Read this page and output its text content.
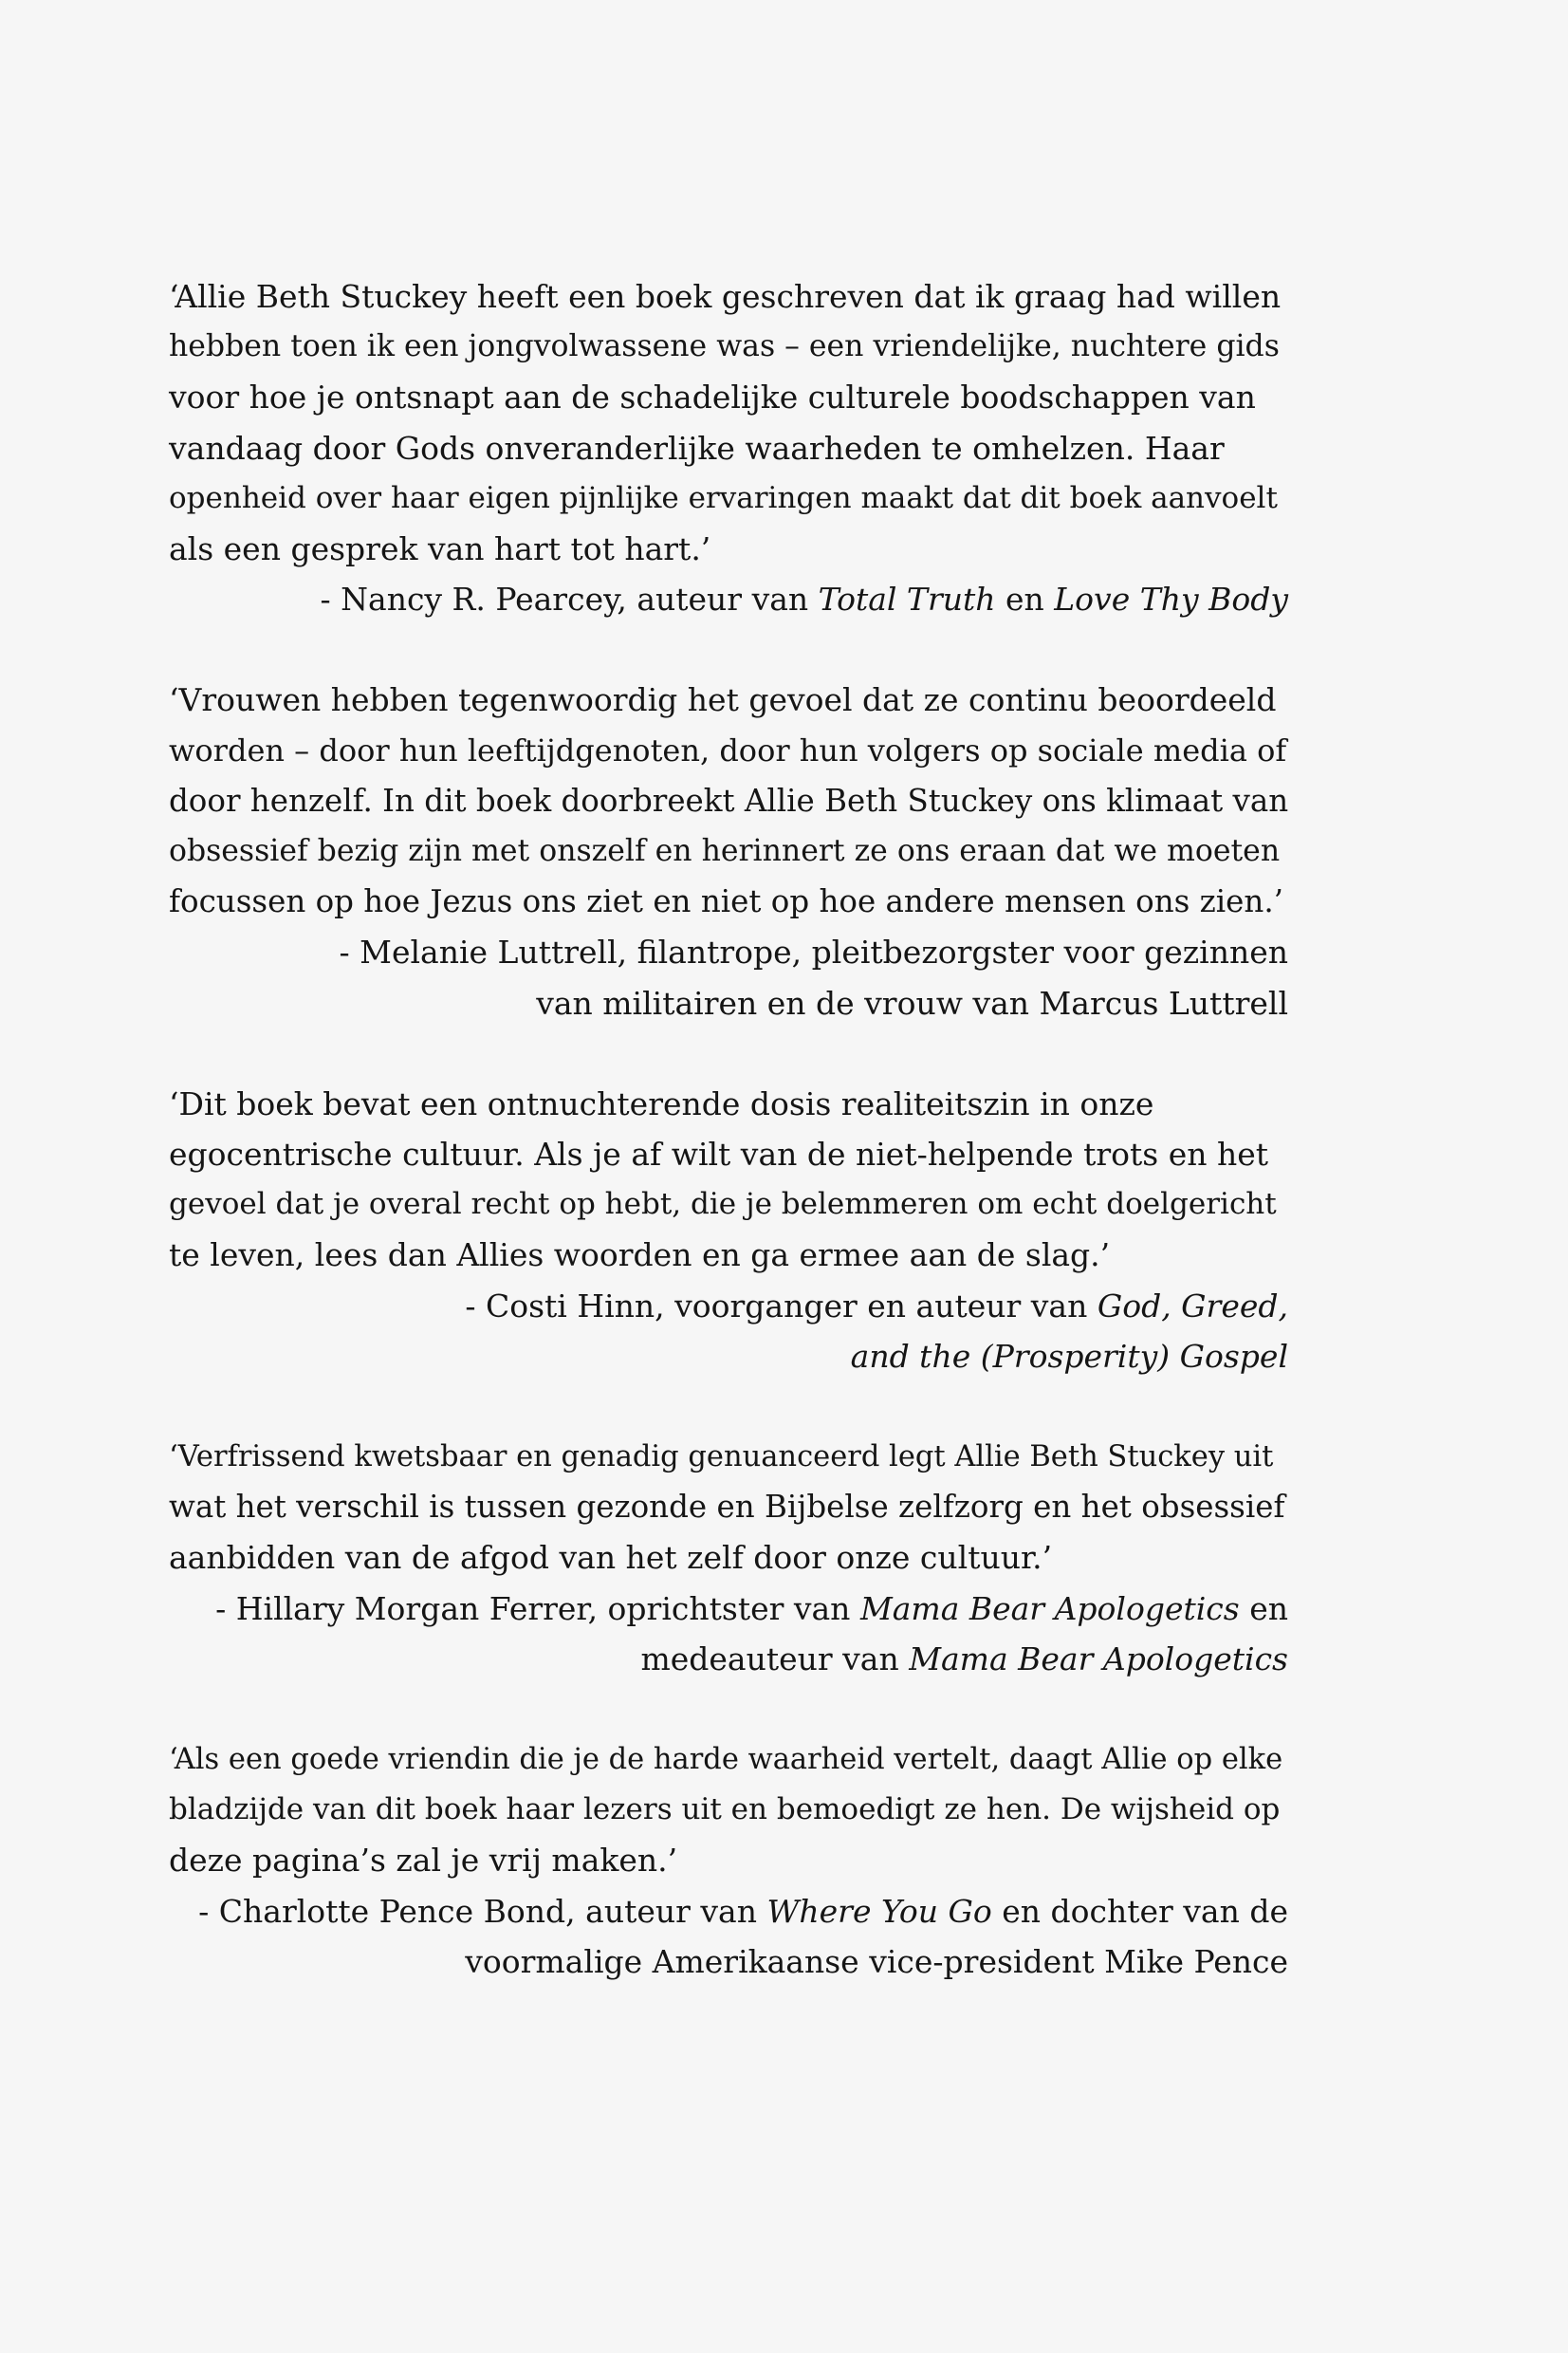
‘Allie Beth Stuckey heeft een boek geschreven dat ik graag had willen
hebben toen ik een jongvolwassene was – een vriendelijke, nuchtere gids
voor hoe je ontsnapt aan de schadelijke culturele boodschappen van
vandaag door Gods onveranderlijke waarheden te omhelzen. Haar
openheid over haar eigen pijnlijke ervaringen maakt dat dit boek aanvoelt
als een gesprek van hart tot hart.’

- Nancy R. Pearcey, auteur van Total Truth en Love Thy Body

‘Vrouwen hebben tegenwoordig het gevoel dat ze continu beoordeeld
worden – door hun leeftijdgenoten, door hun volgers op sociale media of
door henzelf. In dit boek doorbreekt Allie Beth Stuckey ons klimaat van
obsessief bezig zijn met onszelf en herinnert ze ons eraan dat we moeten
focussen op hoe Jezus ons ziet en niet op hoe andere mensen ons zien.’

- Melanie Luttrell, filantrope, pleitbezorgster voor gezinnen
van militairen en de vrouw van Marcus Luttrell

‘Dit boek bevat een ontnuchterende dosis realiteitszin in onze
egocentrische cultuur. Als je af wilt van de niet-helpende trots en het
gevoel dat je overal recht op hebt, die je belemmeren om echt doelgericht
te leven, lees dan Allies woorden en ga ermee aan de slag.’

- Costi Hinn, voorganger en auteur van God, Greed,
and the (Prosperity) Gospel

‘Verfrissend kwetsbaar en genadig genuanceerd legt Allie Beth Stuckey uit
wat het verschil is tussen gezonde en Bijbelse zelfzorg en het obsessief
aanbidden van de afgod van het zelf door onze cultuur.’

- Hillary Morgan Ferrer, oprichtster van Mama Bear Apologetics en
medeauteur van Mama Bear Apologetics

‘Als een goede vriendin die je de harde waarheid vertelt, daagt Allie op elke
bladzijde van dit boek haar lezers uit en bemoedigt ze hen. De wijsheid op
deze pagina’s zal je vrij maken.’

- Charlotte Pence Bond, auteur van Where You Go en dochter van de
voormalige Amerikaanse vice-president Mike Pence
